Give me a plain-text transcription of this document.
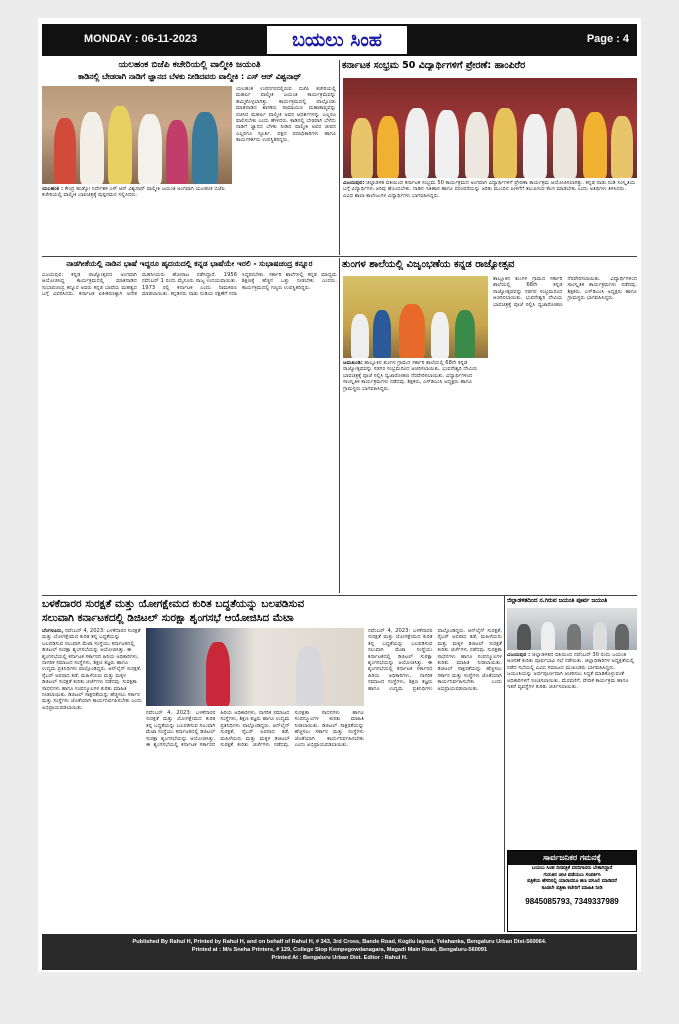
MONDAY : 06-11-2023	ಬಯಲು ಸಿಂಹ	Page : 4
ಯಲಹಂಕ ಬಿಜೆಪಿ ಕಚೇರಿಯಲ್ಲಿ ವಾಲ್ಮೀಕಿ ಜಯಂತಿ
ಕಾಡಿನಲ್ಲಿ ಬೇಡರಾಗಿ ನಾಡಿಗೆ ಜ್ಞಾನದ ಬೆಳಕು ನೀಡಿದವರು ವಾಲ್ಮೀಕಿ : ಎಸ್ ಆರ್ ವಿಶ್ವನಾಥ್
ಯಲಹಂಕ : ಕೇಂದ್ರ ಹುಡ್ಕೋ ನಿರ್ದೇಶಕ ಎಸ್ ಆರ್ ವಿಶ್ವನಾಥ್ ವಾಲ್ಮೀಕಿ ಜಯಂತಿ ಅಂಗವಾಗಿ ಯಲಹಂಕ ಬಿಜೆಪಿ ಕಚೇರಿಯಲ್ಲಿ ವಾಲ್ಮೀಕಿ ಭಾವಚಿತ್ರಕ್ಕೆ ಪುಷ್ಪನಮನ ಸಲ್ಲಿಸಿದರು.
ಯಲಹಂಕ ಉಪನಗರದಲ್ಲಿರುವ ಬಿಜೆಪಿ ಕಚೇರಿಯಲ್ಲಿ ಮಹರ್ಷಿ ವಾಲ್ಮೀಕಿ ಜಯಂತಿ ಕಾರ್ಯಕ್ರಮವನ್ನು ಹಮ್ಮಿಕೊಳ್ಳಲಾಗಿತ್ತು. ಕಾರ್ಯಕ್ರಮದಲ್ಲಿ ಪಾಲ್ಗೊಂಡು ಮಾತನಾಡಿದ ಶಾಸಕರು ರಾಮಾಯಣ ಮಹಾಕಾವ್ಯವನ್ನು ರಚಿಸಿದ ಮಹರ್ಷಿ ವಾಲ್ಮೀಕಿ ಅವರ ಆದರ್ಶಗಳನ್ನು ಎಲ್ಲರೂ ಪಾಲಿಸಬೇಕು ಎಂದು ಹೇಳಿದರು. ಕಾಡಿನಲ್ಲಿ ಬೇಡರಾಗಿ ಬೆಳೆದು ನಾಡಿಗೆ ಜ್ಞಾನದ ಬೆಳಕು ನೀಡಿದ ವಾಲ್ಮೀಕಿ ಅವರ ಜೀವನ ಎಲ್ಲರಿಗೂ ಸ್ಫೂರ್ತಿ. ಪಕ್ಷದ ಪದಾಧಿಕಾರಿಗಳು ಹಾಗೂ ಕಾರ್ಯಕರ್ತರು ಉಪಸ್ಥಿತರಿದ್ದರು.
ಕರ್ನಾಟಕ ಸಂಭ್ರಮ 50 ವಿದ್ಯಾರ್ಥಿಗಳಿಗೆ ಪ್ರೇರಣೆ: ಹಾಂಪಿರೆರ
ವಿಜಯಪುರ: ಜಿಲ್ಲಾಡಳಿತ ವತಿಯಿಂದ ಕರ್ನಾಟಕ ಸಂಭ್ರಮ 50 ಕಾರ್ಯಕ್ರಮದ ಅಂಗವಾಗಿ ವಿದ್ಯಾರ್ಥಿಗಳಿಗೆ ಪ್ರೇರಣಾ ಕಾರ್ಯಕ್ರಮ ಆಯೋಜಿಸಲಾಗಿತ್ತು. ಕನ್ನಡ ನಾಡು ನುಡಿ ಸಂಸ್ಕೃತಿಯ ಬಗ್ಗೆ ವಿದ್ಯಾರ್ಥಿಗಳು ಅರಿವು ಹೊಂದಬೇಕು. ನಾಡಿನ ಇತಿಹಾಸ ಹಾಗೂ ಪರಂಪರೆಯನ್ನು ಅರಿತು ಮುಂದಿನ ಪೀಳಿಗೆಗೆ ತಲುಪಿಸುವ ಕೆಲಸ ಮಾಡಬೇಕು ಎಂದು ಅತಿಥಿಗಳು ತಿಳಿಸಿದರು. ವಿವಿಧ ಶಾಲಾ ಕಾಲೇಜುಗಳ ವಿದ್ಯಾರ್ಥಿಗಳು ಭಾಗವಹಿಸಿದ್ದರು.
ನಾಡಗೀತೆಯಲ್ಲಿ ನಾಡಿನ ಭಾಷೆ ಇದ್ದರೂ ಹೃದಯದಲ್ಲಿ ಕನ್ನಡ ಭಾಷೆಯೇ ಇರಲಿ - ಸುಭಾಷಚಂದ್ರ ಕನ್ನೂರ
ವಿಜಯಪುರ: ಕನ್ನಡ ರಾಜ್ಯೋತ್ಸವದ ಅಂಗವಾಗಿ ಆಯೋಜಿಸಿದ್ದ ಕಾರ್ಯಕ್ರಮದಲ್ಲಿ ಮಾತನಾಡಿದ ಸುಭಾಷಚಂದ್ರ ಕನ್ನೂರ ಅವರು ಕನ್ನಡ ಭಾಷೆಯ ಮಹತ್ವದ ಬಗ್ಗೆ ವಿವರಿಸಿದರು. ಕರ್ನಾಟಕ ಏಕೀಕರಣಕ್ಕಾಗಿ ಅನೇಕ ಮಹನೀಯರು ಹೋರಾಟ ನಡೆಸಿದ್ದಾರೆ. 1956 ನವೆಂಬರ್ 1 ರಂದು ಮೈಸೂರು ರಾಜ್ಯ ಉದಯವಾಯಿತು. 1973 ರಲ್ಲಿ ಕರ್ನಾಟಕ ಎಂದು ನಾಮಕರಣ ಮಾಡಲಾಯಿತು. ಕನ್ನಡಿಗರು ನಾಡು ನುಡಿಯ ರಕ್ಷಣೆಗೆ ಸದಾ ಸಿದ್ಧರಿರಬೇಕು. ಸರ್ಕಾರಿ ಶಾಲೆಗಳಲ್ಲಿ ಕನ್ನಡ ಮಾಧ್ಯಮ ಶಿಕ್ಷಣಕ್ಕೆ ಹೆಚ್ಚಿನ ಒತ್ತು ನೀಡಬೇಕು ಎಂದರು. ಕಾರ್ಯಕ್ರಮದಲ್ಲಿ ಗಣ್ಯರು ಉಪಸ್ಥಿತರಿದ್ದರು.
ತುಂಗಳ ಶಾಲೆಯಲ್ಲಿ ವಿಜೃಂಭಣೆಯ ಕನ್ನಡ ರಾಜ್ಯೋತ್ಸವ
ಜಮಖಂಡಿ: ತಾಲ್ಲೂಕಿನ ತುಂಗಳ ಗ್ರಾಮದ ಸರ್ಕಾರಿ ಶಾಲೆಯಲ್ಲಿ 68ನೇ ಕನ್ನಡ ರಾಜ್ಯೋತ್ಸವವನ್ನು ಸಡಗರ ಸಂಭ್ರಮದಿಂದ ಆಚರಿಸಲಾಯಿತು. ಭುವನೇಶ್ವರಿ ದೇವಿಯ ಭಾವಚಿತ್ರಕ್ಕೆ ಪೂಜೆ ಸಲ್ಲಿಸಿ ಧ್ವಜಾರೋಹಣ ನೆರವೇರಿಸಲಾಯಿತು. ವಿದ್ಯಾರ್ಥಿಗಳಿಂದ ಸಾಂಸ್ಕೃತಿಕ ಕಾರ್ಯಕ್ರಮಗಳು ನಡೆದವು. ಶಿಕ್ಷಕರು, ಎಸ್‌ಡಿಎಂಸಿ ಅಧ್ಯಕ್ಷರು ಹಾಗೂ ಗ್ರಾಮಸ್ಥರು ಭಾಗವಹಿಸಿದ್ದರು.
ತಾಲ್ಲೂಕಿನ ತುಂಗಳ ಗ್ರಾಮದ ಸರ್ಕಾರಿ ಶಾಲೆಯಲ್ಲಿ 68ನೇ ಕನ್ನಡ ರಾಜ್ಯೋತ್ಸವವನ್ನು ಸಡಗರ ಸಂಭ್ರಮದಿಂದ ಆಚರಿಸಲಾಯಿತು. ಭುವನೇಶ್ವರಿ ದೇವಿಯ ಭಾವಚಿತ್ರಕ್ಕೆ ಪೂಜೆ ಸಲ್ಲಿಸಿ ಧ್ವಜಾರೋಹಣ ನೆರವೇರಿಸಲಾಯಿತು. ವಿದ್ಯಾರ್ಥಿಗಳಿಂದ ಸಾಂಸ್ಕೃತಿಕ ಕಾರ್ಯಕ್ರಮಗಳು ನಡೆದವು. ಶಿಕ್ಷಕರು, ಎಸ್‌ಡಿಎಂಸಿ ಅಧ್ಯಕ್ಷರು ಹಾಗೂ ಗ್ರಾಮಸ್ಥರು ಭಾಗವಹಿಸಿದ್ದರು.
ಬಳಕೆದಾರರ ಸುರಕ್ಷತೆ ಮತ್ತು ಯೋಗಕ್ಷೇಮದ ಕುರಿತ ಬದ್ಧತೆಯನ್ನು ಬಲಪಡಿಸುವ
ಸಲುವಾಗಿ ಕರ್ನಾಟಕದಲ್ಲಿ ಡಿಜಿಟಲ್ ಸುರಕ್ಷಾ ಶೃಂಗಸಭೆ ಆಯೋಜಿಸಿದ ಮೆಟಾ
ಬೆಂಗಳೂರು, ನವೆಂಬರ್ 4, 2023: ಬಳಕೆದಾರರ ಸುರಕ್ಷತೆ ಮತ್ತು ಯೋಗಕ್ಷೇಮದ ಕುರಿತ ತನ್ನ ಬದ್ಧತೆಯನ್ನು ಬಲಪಡಿಸುವ ಸಲುವಾಗಿ ಮೆಟಾ ಸಂಸ್ಥೆಯು ಕರ್ನಾಟಕದಲ್ಲಿ ಡಿಜಿಟಲ್ ಸುರಕ್ಷಾ ಶೃಂಗಸಭೆಯನ್ನು ಆಯೋಜಿಸಿತ್ತು. ಈ ಶೃಂಗಸಭೆಯಲ್ಲಿ ಕರ್ನಾಟಕ ಸರ್ಕಾರದ ಹಿರಿಯ ಅಧಿಕಾರಿಗಳು, ನಾಗರಿಕ ಸಮಾಜದ ಸಂಸ್ಥೆಗಳು, ಶಿಕ್ಷಣ ತಜ್ಞರು ಹಾಗೂ ಉದ್ಯಮ ಪ್ರತಿನಿಧಿಗಳು ಪಾಲ್ಗೊಂಡಿದ್ದರು. ಆನ್‌ಲೈನ್ ಸುರಕ್ಷತೆ, ಸೈಬರ್ ಅಪರಾಧ ತಡೆ, ಮಹಿಳೆಯರು ಮತ್ತು ಮಕ್ಕಳ ಡಿಜಿಟಲ್ ಸುರಕ್ಷತೆ ಕುರಿತು ಚರ್ಚೆಗಳು ನಡೆದವು. ಸುರಕ್ಷತಾ ಸಾಧನಗಳು ಹಾಗೂ ಸಂಪನ್ಮೂಲಗಳ ಕುರಿತು ಮಾಹಿತಿ ನೀಡಲಾಯಿತು. ಡಿಜಿಟಲ್ ಸಾಕ್ಷರತೆಯನ್ನು ಹೆಚ್ಚಿಸಲು ಸರ್ಕಾರ ಮತ್ತು ಸಂಸ್ಥೆಗಳು ಜೊತೆಯಾಗಿ ಕಾರ್ಯನಿರ್ವಹಿಸಬೇಕು ಎಂದು ಅಭಿಪ್ರಾಯಪಡಲಾಯಿತು.
ನವೆಂಬರ್ 4, 2023: ಬಳಕೆದಾರರ ಸುರಕ್ಷತೆ ಮತ್ತು ಯೋಗಕ್ಷೇಮದ ಕುರಿತ ತನ್ನ ಬದ್ಧತೆಯನ್ನು ಬಲಪಡಿಸುವ ಸಲುವಾಗಿ ಮೆಟಾ ಸಂಸ್ಥೆಯು ಕರ್ನಾಟಕದಲ್ಲಿ ಡಿಜಿಟಲ್ ಸುರಕ್ಷಾ ಶೃಂಗಸಭೆಯನ್ನು ಆಯೋಜಿಸಿತ್ತು. ಈ ಶೃಂಗಸಭೆಯಲ್ಲಿ ಕರ್ನಾಟಕ ಸರ್ಕಾರದ ಹಿರಿಯ ಅಧಿಕಾರಿಗಳು, ನಾಗರಿಕ ಸಮಾಜದ ಸಂಸ್ಥೆಗಳು, ಶಿಕ್ಷಣ ತಜ್ಞರು ಹಾಗೂ ಉದ್ಯಮ ಪ್ರತಿನಿಧಿಗಳು ಪಾಲ್ಗೊಂಡಿದ್ದರು. ಆನ್‌ಲೈನ್ ಸುರಕ್ಷತೆ, ಸೈಬರ್ ಅಪರಾಧ ತಡೆ, ಮಹಿಳೆಯರು ಮತ್ತು ಮಕ್ಕಳ ಡಿಜಿಟಲ್ ಸುರಕ್ಷತೆ ಕುರಿತು ಚರ್ಚೆಗಳು ನಡೆದವು. ಸುರಕ್ಷತಾ ಸಾಧನಗಳು ಹಾಗೂ ಸಂಪನ್ಮೂಲಗಳ ಕುರಿತು ಮಾಹಿತಿ ನೀಡಲಾಯಿತು. ಡಿಜಿಟಲ್ ಸಾಕ್ಷರತೆಯನ್ನು ಹೆಚ್ಚಿಸಲು ಸರ್ಕಾರ ಮತ್ತು ಸಂಸ್ಥೆಗಳು ಜೊತೆಯಾಗಿ ಕಾರ್ಯನಿರ್ವಹಿಸಬೇಕು ಎಂದು ಅಭಿಪ್ರಾಯಪಡಲಾಯಿತು.
ನವೆಂಬರ್ 4, 2023: ಬಳಕೆದಾರರ ಸುರಕ್ಷತೆ ಮತ್ತು ಯೋಗಕ್ಷೇಮದ ಕುರಿತ ತನ್ನ ಬದ್ಧತೆಯನ್ನು ಬಲಪಡಿಸುವ ಸಲುವಾಗಿ ಮೆಟಾ ಸಂಸ್ಥೆಯು ಕರ್ನಾಟಕದಲ್ಲಿ ಡಿಜಿಟಲ್ ಸುರಕ್ಷಾ ಶೃಂಗಸಭೆಯನ್ನು ಆಯೋಜಿಸಿತ್ತು. ಈ ಶೃಂಗಸಭೆಯಲ್ಲಿ ಕರ್ನಾಟಕ ಸರ್ಕಾರದ ಹಿರಿಯ ಅಧಿಕಾರಿಗಳು, ನಾಗರಿಕ ಸಮಾಜದ ಸಂಸ್ಥೆಗಳು, ಶಿಕ್ಷಣ ತಜ್ಞರು ಹಾಗೂ ಉದ್ಯಮ ಪ್ರತಿನಿಧಿಗಳು ಪಾಲ್ಗೊಂಡಿದ್ದರು. ಆನ್‌ಲೈನ್ ಸುರಕ್ಷತೆ, ಸೈಬರ್ ಅಪರಾಧ ತಡೆ, ಮಹಿಳೆಯರು ಮತ್ತು ಮಕ್ಕಳ ಡಿಜಿಟಲ್ ಸುರಕ್ಷತೆ ಕುರಿತು ಚರ್ಚೆಗಳು ನಡೆದವು. ಸುರಕ್ಷತಾ ಸಾಧನಗಳು ಹಾಗೂ ಸಂಪನ್ಮೂಲಗಳ ಕುರಿತು ಮಾಹಿತಿ ನೀಡಲಾಯಿತು. ಡಿಜಿಟಲ್ ಸಾಕ್ಷರತೆಯನ್ನು ಹೆಚ್ಚಿಸಲು ಸರ್ಕಾರ ಮತ್ತು ಸಂಸ್ಥೆಗಳು ಜೊತೆಯಾಗಿ ಕಾರ್ಯನಿರ್ವಹಿಸಬೇಕು ಎಂದು ಅಭಿಪ್ರಾಯಪಡಲಾಯಿತು.
ಜಿಲ್ಲಾಡಳಿತದಿಂದ ನ.ಗಿರುವ ಜಯಂತಿ ಪೂರ್ವ ಜಯಂತಿ
ವಿಜಯಪುರ : ಜಿಲ್ಲಾಡಳಿತದ ವತಿಯಿಂದ ನವೆಂಬರ್ 30 ರಂದು ಜಯಂತಿ ಆಚರಣೆ ಕುರಿತು ಪೂರ್ವಭಾವಿ ಸಭೆ ನಡೆಯಿತು. ಜಿಲ್ಲಾಧಿಕಾರಿಗಳ ಅಧ್ಯಕ್ಷತೆಯಲ್ಲಿ ನಡೆದ ಸಭೆಯಲ್ಲಿ ವಿವಿಧ ಸಮಾಜದ ಮುಖಂಡರು ಭಾಗವಹಿಸಿದ್ದರು. ಜಯಂತಿಯನ್ನು ಅರ್ಥಪೂರ್ಣವಾಗಿ ಆಚರಿಸಲು ಸಿದ್ಧತೆ ಮಾಡಿಕೊಳ್ಳುವಂತೆ ಅಧಿಕಾರಿಗಳಿಗೆ ಸೂಚಿಸಲಾಯಿತು. ಮೆರವಣಿಗೆ, ವೇದಿಕೆ ಕಾರ್ಯಕ್ರಮ ಹಾಗೂ ಇತರೆ ವ್ಯವಸ್ಥೆಗಳ ಕುರಿತು ಚರ್ಚಿಸಲಾಯಿತು.
ಸಾರ್ವಜನಿಕರ ಗಮನಕ್ಕೆ
ಬಯಲು ಸಿಂಹ ದಿನಪತ್ರಿಕೆ ವರದಿಗಾರರು ಬೇಕಾಗಿದ್ದಾರೆ
ಗುರುತಿನ ಚೀಟಿ ಪಡೆಯಲು ಸಂಪರ್ಕಿಸಿ
ಪತ್ರಿಕೆಯ ಹೆಸರಿನಲ್ಲಿ ಯಾರಾದರೂ ಹಣ ವಸೂಲಿ ಮಾಡಿದರೆ
ಕೂಡಲೇ ಪತ್ರಿಕಾ ಕಚೇರಿಗೆ ಮಾಹಿತಿ ನೀಡಿ
9845085793, 7349337989
Published By Rahul H, Printed by Rahul H, and on behalf of Rahul H, # 343, 3rd Cross, Bande Road, Kogilu layout, Yelahanka, Bengaluru Urban Dist-560064.
Printed at : M/s Sneha Printers, # 129, College Stop Kempegowdanagara, Magadi Main Road, Bengaluru-560091
Printed At : Bengaluru Urban Dist. Editor : Rahul H.
